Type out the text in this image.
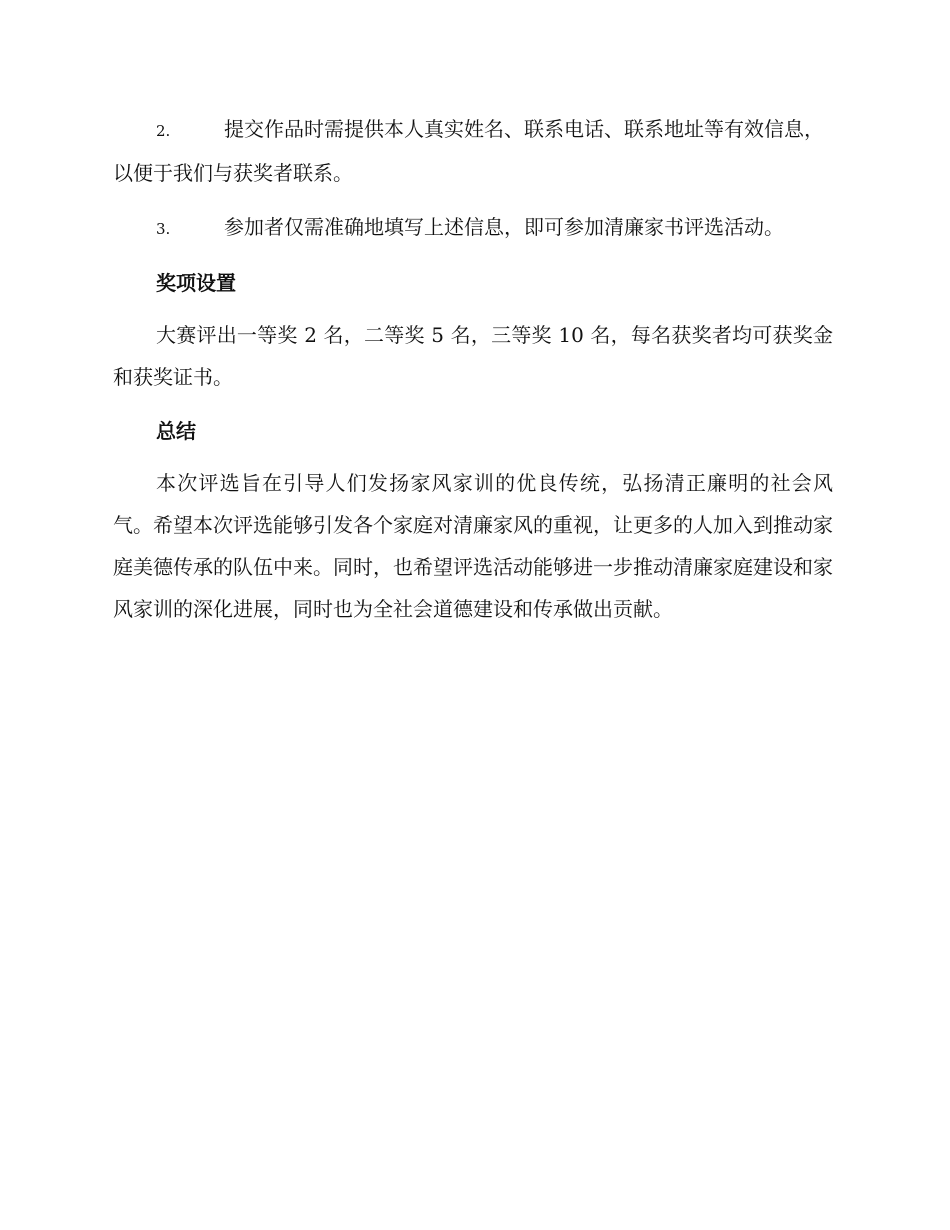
2.	提交作品时需提供本人真实姓名、联系电话、联系地址等有效信息，以便于我们与获奖者联系。
3.	参加者仅需准确地填写上述信息，即可参加清廉家书评选活动。
奖项设置
大赛评出一等奖 2 名，二等奖 5 名，三等奖 10 名，每名获奖者均可获奖金和获奖证书。
总结
本次评选旨在引导人们发扬家风家训的优良传统，弘扬清正廉明的社会风气。希望本次评选能够引发各个家庭对清廉家风的重视，让更多的人加入到推动家庭美德传承的队伍中来。同时，也希望评选活动能够进一步推动清廉家庭建设和家风家训的深化进展，同时也为全社会道德建设和传承做出贡献。
